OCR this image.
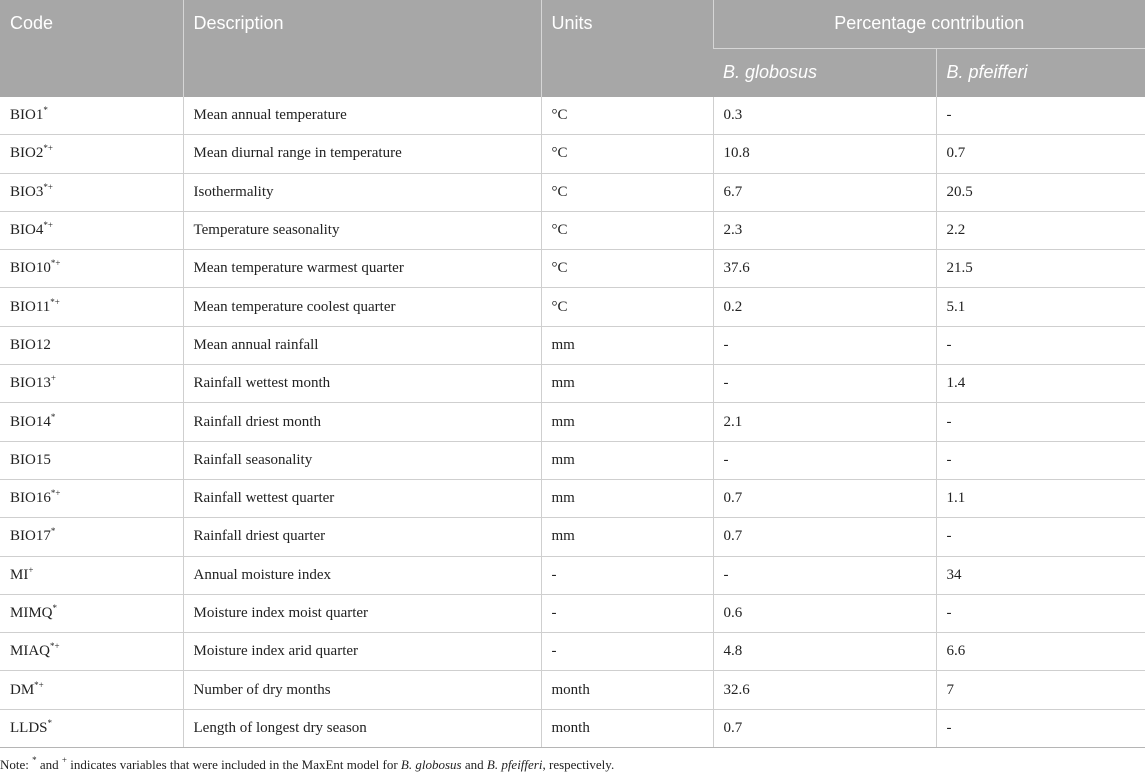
Code	Description	Units	Percentage contribution	
			B. globosus	B. pfeifferi
BIO1*	Mean annual temperature	°C	0.3	-
BIO2*+	Mean diurnal range in temperature	°C	10.8	0.7
BIO3*+	Isothermality	°C	6.7	20.5
BIO4*+	Temperature seasonality	°C	2.3	2.2
BIO10*+	Mean temperature warmest quarter	°C	37.6	21.5
BIO11*+	Mean temperature coolest quarter	°C	0.2	5.1
BIO12	Mean annual rainfall	mm	-	-
BIO13+	Rainfall wettest month	mm	-	1.4
BIO14*	Rainfall driest month	mm	2.1	-
BIO15	Rainfall seasonality	mm	-	-
BIO16*+	Rainfall wettest quarter	mm	0.7	1.1
BIO17*	Rainfall driest quarter	mm	0.7	-
MI+	Annual moisture index	-	-	34
MIMQ*	Moisture index moist quarter	-	0.6	-
MIAQ*+	Moisture index arid quarter	-	4.8	6.6
DM*+	Number of dry months	month	32.6	7
LLDS*	Length of longest dry season	month	0.7	-
Note: * and + indicates variables that were included in the MaxEnt model for B. globosus and B. pfeifferi, respectively.
